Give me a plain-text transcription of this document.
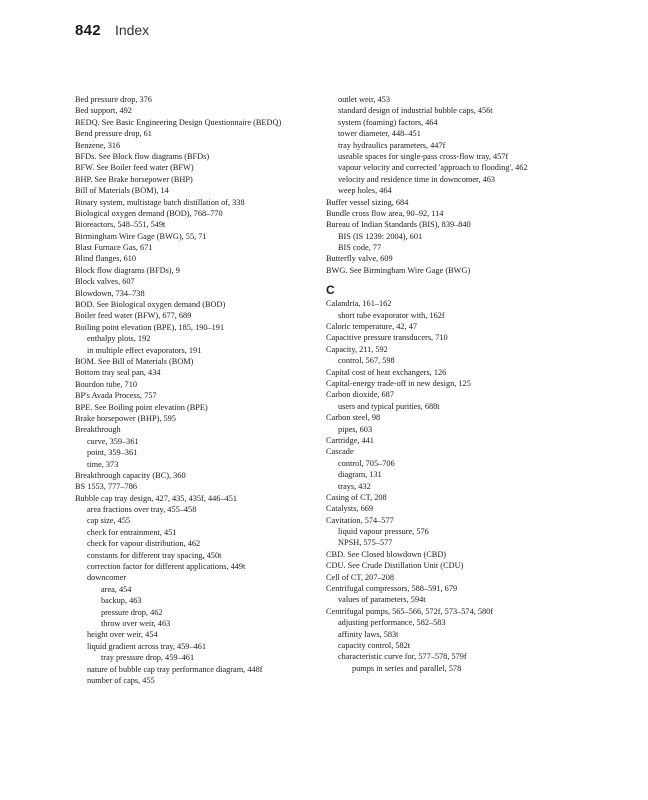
842 Index
Bed pressure drop, 376
Bed support, 492
BEDQ. See Basic Engineering Design Questionnaire (BEDQ)
Bend pressure drop, 61
Benzene, 316
BFDs. See Block flow diagrams (BFDs)
BFW. See Boiler feed water (BFW)
BHP. See Brake horsepower (BHP)
Bill of Materials (BOM), 14
Binary system, multistage batch distillation of, 338
Biological oxygen demand (BOD), 768–770
Bioreactors, 548–551, 549t
Birmingham Wire Gage (BWG), 55, 71
Blast Furnace Gas, 671
Blind flanges, 610
Block flow diagrams (BFDs), 9
Block valves, 607
Blowdown, 734–738
BOD. See Biological oxygen demand (BOD)
Boiler feed water (BFW), 677, 689
Boiling point elevation (BPE), 185, 190–191
enthalpy plots, 192
in multiple effect evaporators, 191
BOM. See Bill of Materials (BOM)
Bottom tray seal pan, 434
Bourdon tube, 710
BP's Avada Process, 757
BPE. See Boiling point elevation (BPE)
Brake horsepower (BHP), 595
Breakthrough
curve, 359–361
point, 359–361
time, 373
Breakthrough capacity (BC), 360
BS 1553, 777–786
Bubble cap tray design, 427, 435, 435f, 446–451
area fractions over tray, 455–458
cap size, 455
check for entrainment, 451
check for vapour distribution, 462
constants for different tray spacing, 450t
correction factor for different applications, 449t
downcomer
area, 454
backup, 463
pressure drop, 462
throw over weir, 463
height over weir, 454
liquid gradient across tray, 459–461
tray pressure drop, 459–461
nature of bubble cap tray performance diagram, 448f
number of caps, 455
outlet weir, 453
standard design of industrial bubble caps, 456t
system (foaming) factors, 464
tower diameter, 448–451
tray hydraulics parameters, 447f
useable spaces for single-pass cross-flow tray, 457f
vapour velocity and corrected 'approach to flooding', 462
velocity and residence time in downcomer, 463
weep holes, 464
Buffer vessel sizing, 684
Bundle cross flow area, 90–92, 114
Bureau of Indian Standards (BIS), 839–840
BIS (IS 1239: 2004), 601
BIS code, 77
Butterfly valve, 609
BWG. See Birmingham Wire Gage (BWG)
C
Calandria, 161–162
short tube evaporator with, 162f
Caloric temperature, 42, 47
Capacitive pressure transducers, 710
Capacity, 211, 592
control, 567, 598
Capital cost of heat exchangers, 126
Capital-energy trade-off in new design, 125
Carbon dioxide, 687
users and typical purities, 688t
Carbon steel, 98
pipes, 603
Cartridge, 441
Cascade
control, 705–706
diagram, 131
trays, 432
Casing of CT, 208
Catalysts, 669
Cavitation, 574–577
liquid vapour pressure, 576
NPSH, 575–577
CBD. See Closed blowdown (CBD)
CDU. See Crude Distillation Unit (CDU)
Cell of CT, 207–208
Centrifugal compressors, 588–591, 679
values of parameters, 594t
Centrifugal pumps, 565–566, 572f, 573–574, 580f
adjusting performance, 582–583
affinity laws, 583t
capacity control, 582t
characteristic curve for, 577–578, 579f
pumps in series and parallel, 578
